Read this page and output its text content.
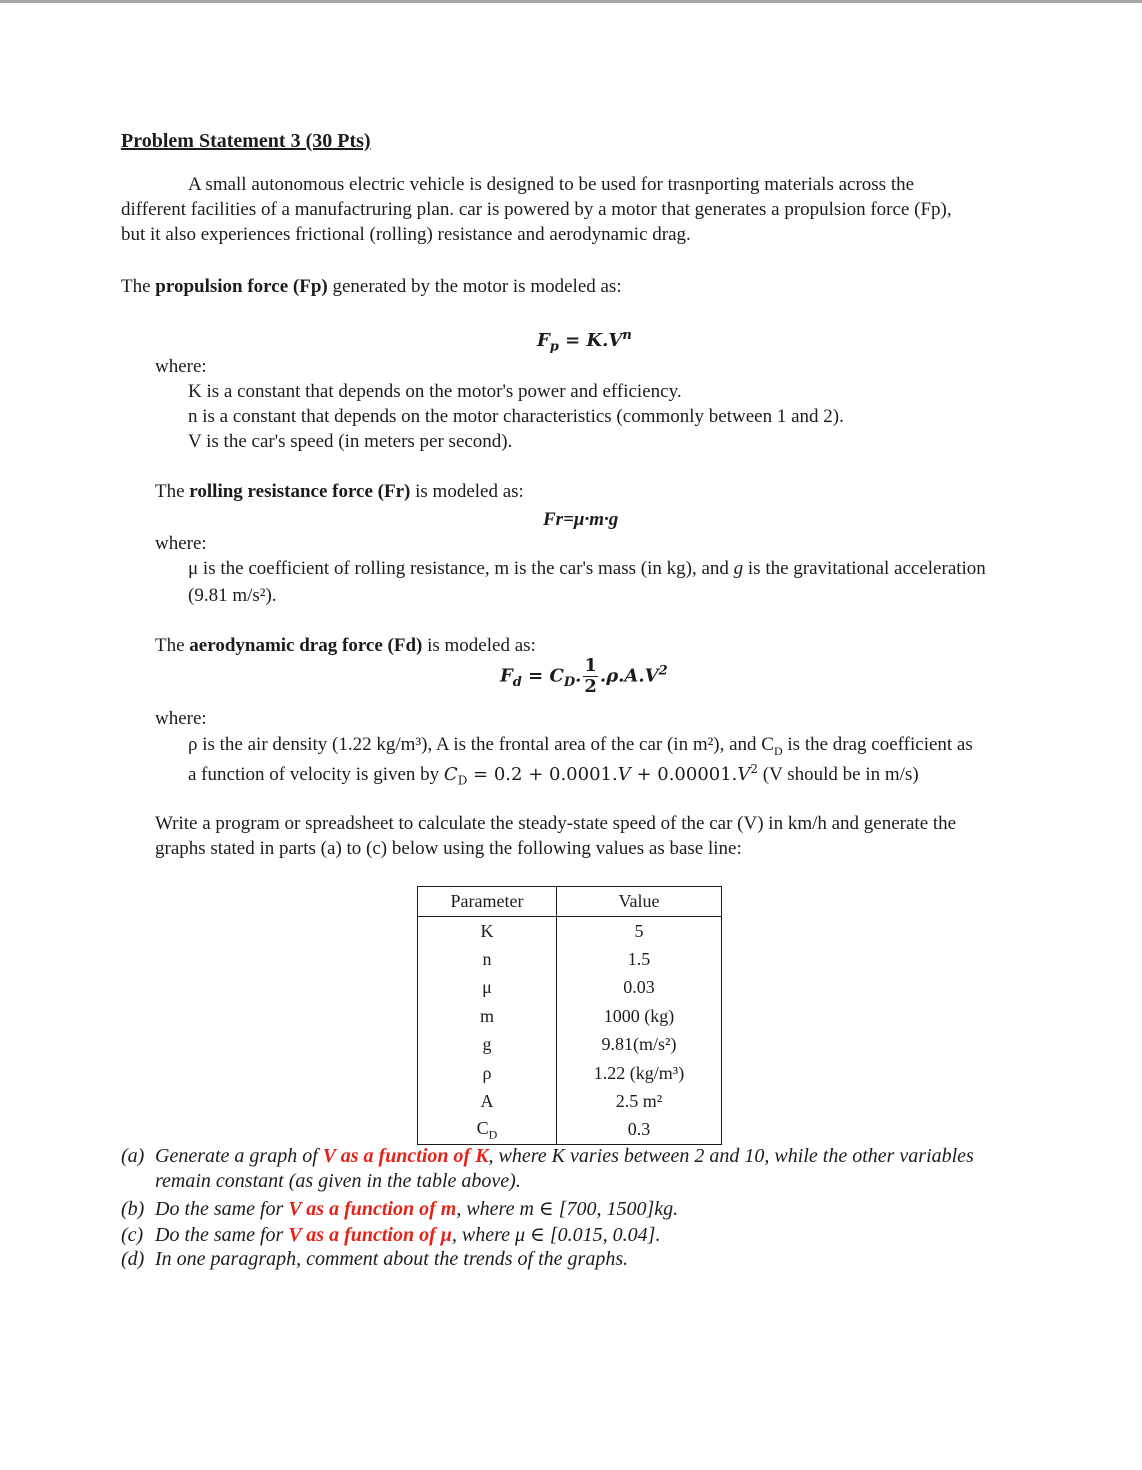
Problem Statement 3 (30 Pts)
A small autonomous electric vehicle is designed to be used for trasnporting materials across the
different facilities of a manufactruring plan. car is powered by a motor that generates a propulsion force (Fp),
but it also experiences frictional (rolling) resistance and aerodynamic drag.
The propulsion force (Fp) generated by the motor is modeled as:
$F_p = K.V^n$
where:
K is a constant that depends on the motor's power and efficiency.
n is a constant that depends on the motor characteristics (commonly between 1 and 2).
V is the car's speed (in meters per second).
The rolling resistance force (Fr) is modeled as:
Fr=μ·m·g
where:
μ is the coefficient of rolling resistance, m is the car's mass (in kg), and g is the gravitational acceleration
(9.81 m/s²).
The aerodynamic drag force (Fd) is modeled as:
$F_d = C_D$. $\frac{1}{2} .\rho.A.V^2$
where:
ρ is the air density (1.22 kg/m³), A is the frontal area of the car (in m²), and $C_D$ is the drag coefficient as
a function of velocity is given by $C_D = 0.2 + 0.0001.V + 0.00001.V^2$ (V should be in m/s)
Write a program or spreadsheet to calculate the steady-state speed of the car (V) in km/h and generate the
graphs stated in parts (a) to (c) below using the following values as base line:
Parameter	Value
K	5
n	1.5
μ	0.03
m	1000 (kg)
g	9.81(m/s²)
ρ	1.22 (kg/m³)
A	2.5 m²
$C_D$	0.3
(a) Generate a graph of V as a function of K, where K varies between 2 and 10, while the other variables
remain constant (as given in the table above).
(b) Do the same for V as a function of m, where m ∈ [700, 1500]kg.
(c) Do the same for V as a function of μ, where μ ∈ [0.015, 0.04].
(d) In one paragraph, comment about the trends of the graphs.
